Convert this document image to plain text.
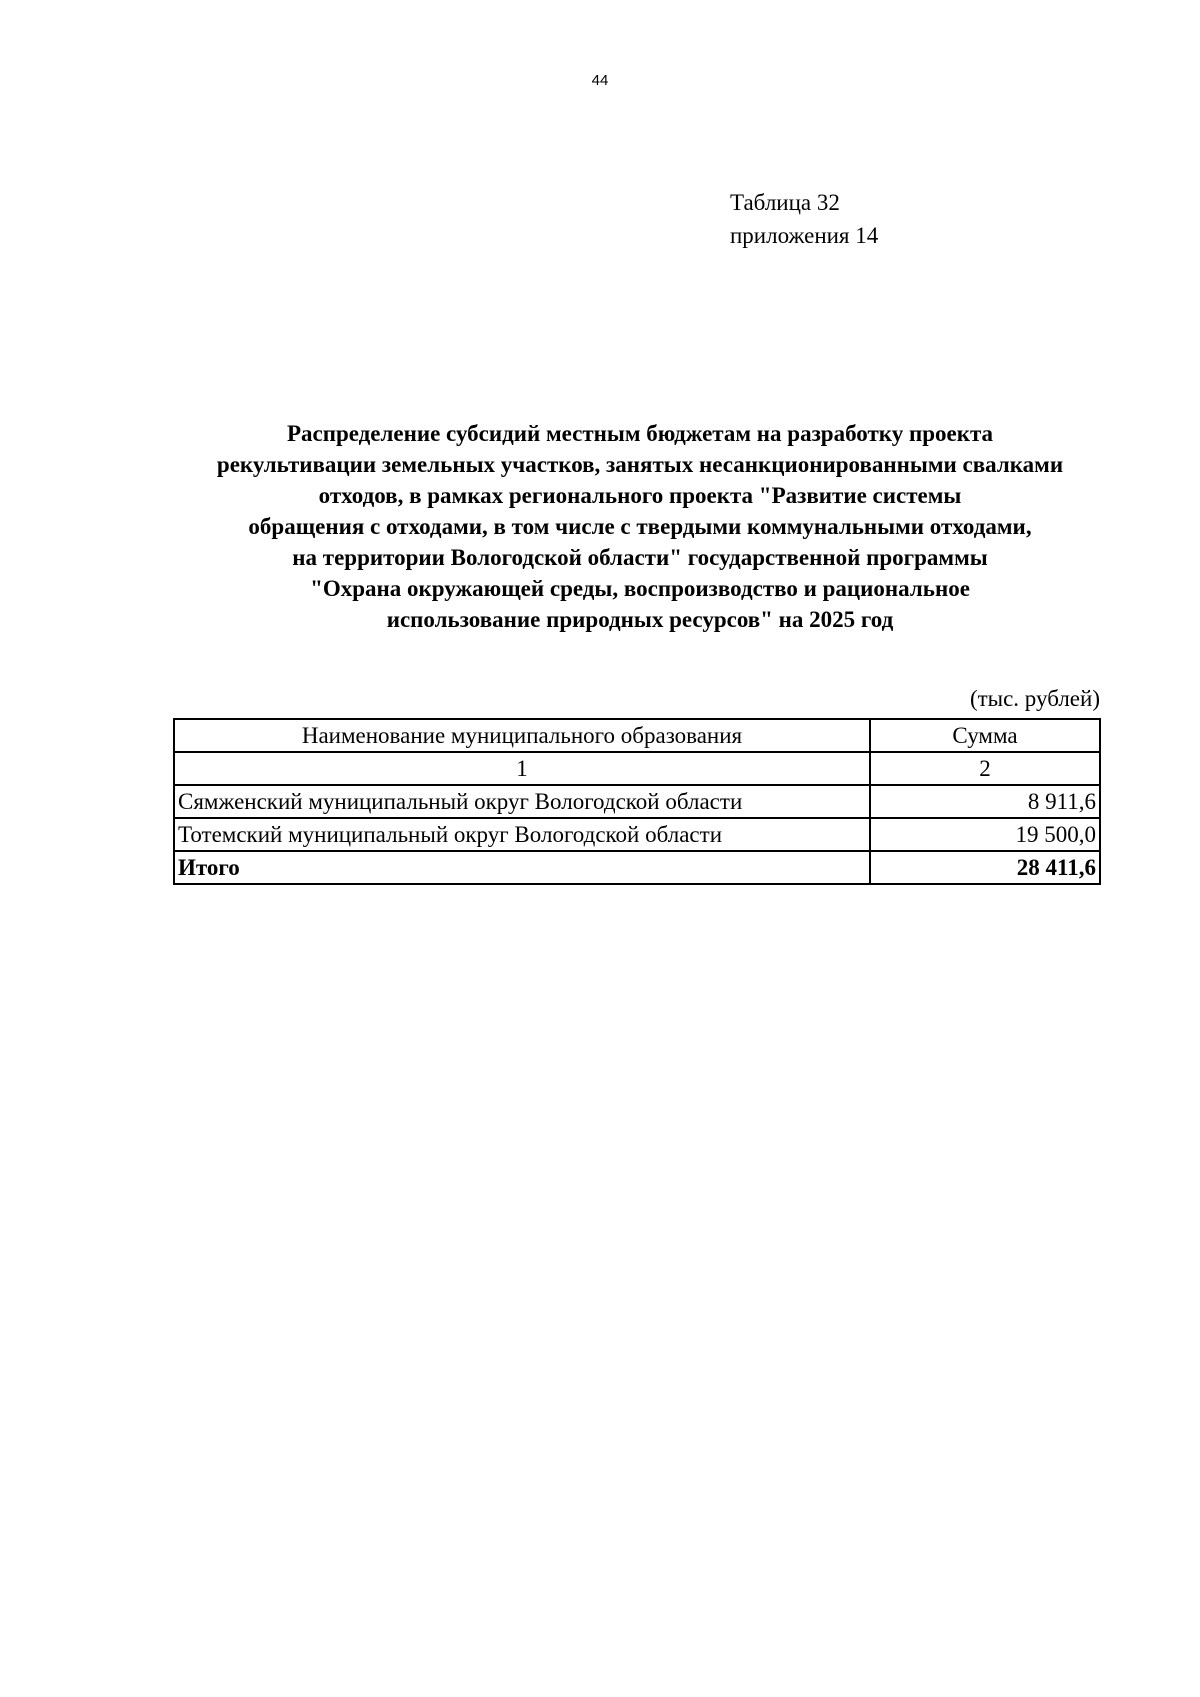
44
Таблица 32
приложения 14
Распределение субсидий местным бюджетам на разработку проекта
рекультивации земельных участков, занятых несанкционированными свалками
отходов, в рамках регионального проекта "Развитие системы
обращения с отходами, в том числе с твердыми коммунальными отходами,
на территории Вологодской области" государственной программы
"Охрана окружающей среды, воспроизводство и рациональное
использование природных ресурсов" на 2025 год
(тыс. рублей)
Наименование муниципального образования	Сумма
1	2
Сямженский муниципальный округ Вологодской области	8 911,6
Тотемский муниципальный округ Вологодской области	19 500,0
Итого	28 411,6
